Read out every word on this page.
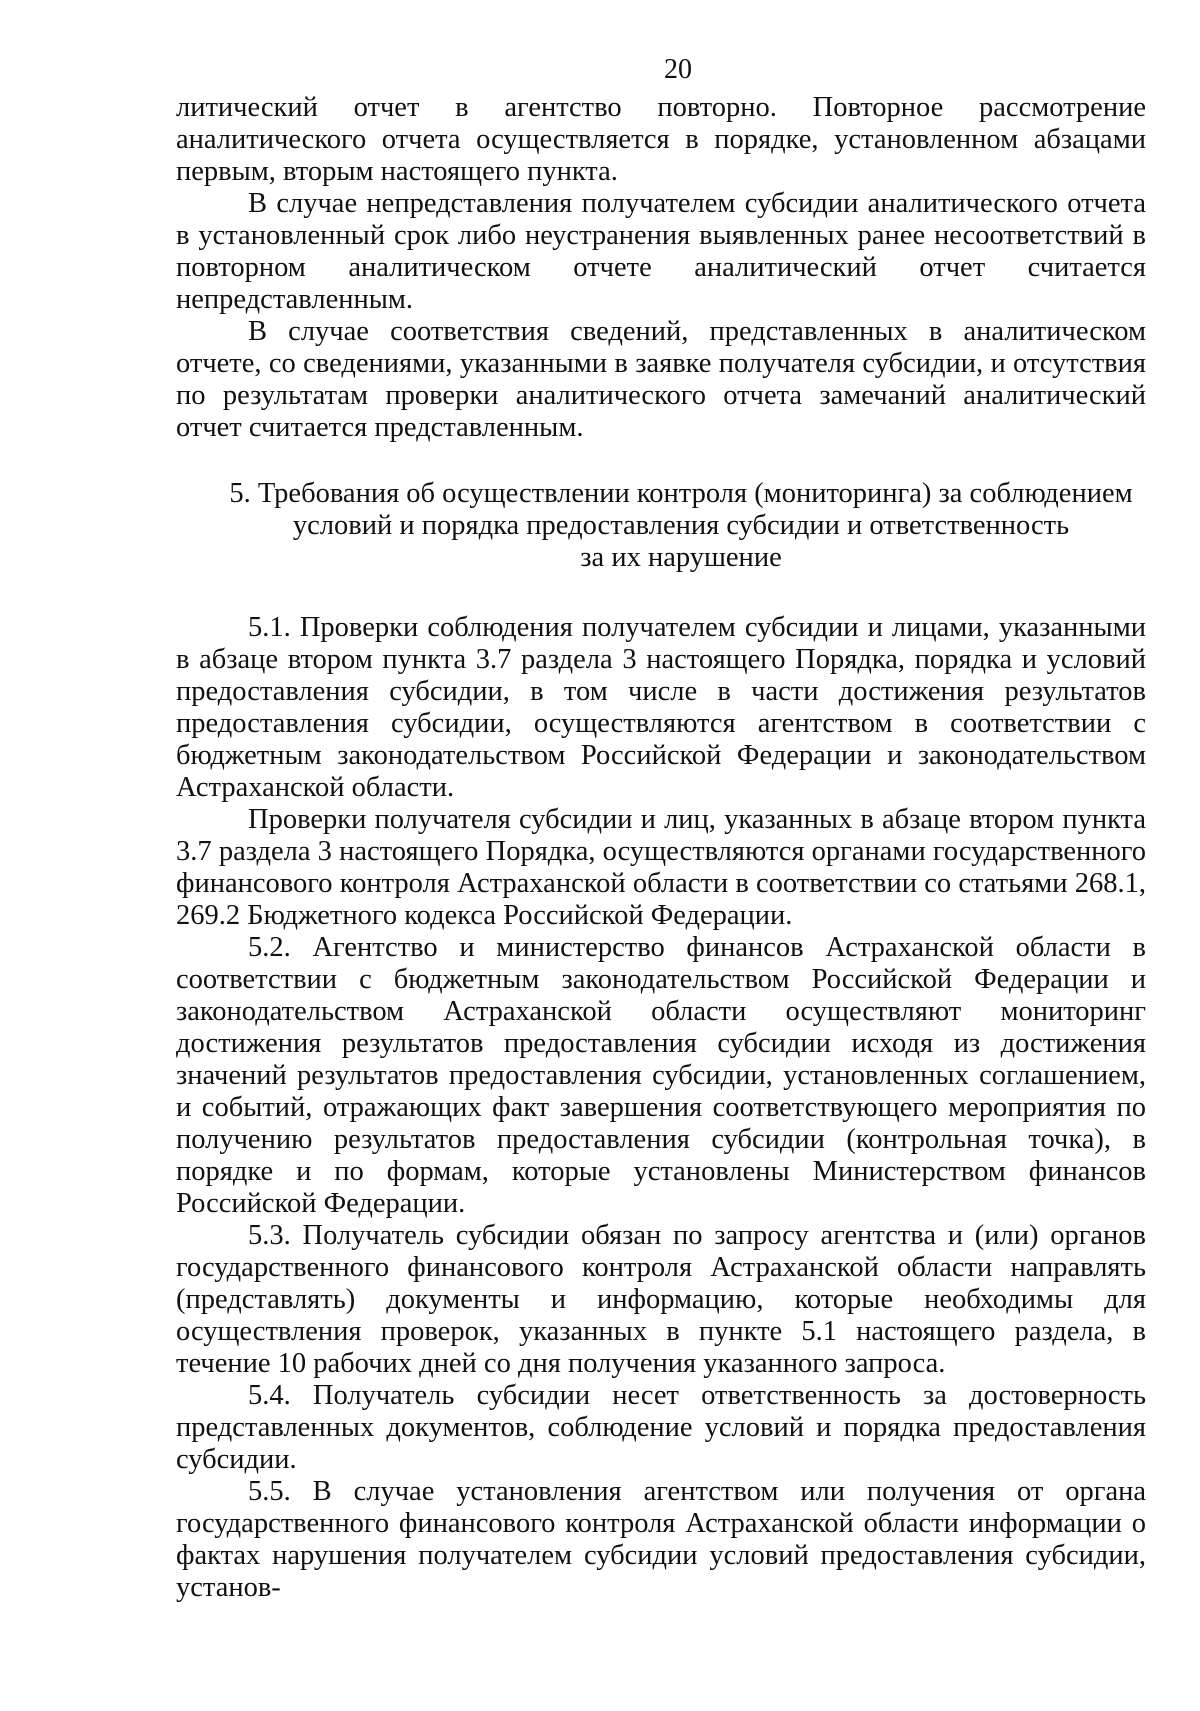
20

литический отчет в агентство повторно. Повторное рассмотрение аналитического отчета осуществляется в порядке, установленном абзацами первым, вторым настоящего пункта.

В случае непредставления получателем субсидии аналитического отчета в установленный срок либо неустранения выявленных ранее несоответствий в повторном аналитическом отчете аналитический отчет считается непредставленным.

В случае соответствия сведений, представленных в аналитическом отчете, со сведениями, указанными в заявке получателя субсидии, и отсутствия по результатам проверки аналитического отчета замечаний аналитический отчет считается представленным.

5. Требования об осуществлении контроля (мониторинга) за соблюдением
условий и порядка предоставления субсидии и ответственность
за их нарушение

5.1. Проверки соблюдения получателем субсидии и лицами, указанными в абзаце втором пункта 3.7 раздела 3 настоящего Порядка, порядка и условий предоставления субсидии, в том числе в части достижения результатов предоставления субсидии, осуществляются агентством в соответствии с бюджетным законодательством Российской Федерации и законодательством Астраханской области.

Проверки получателя субсидии и лиц, указанных в абзаце втором пункта 3.7 раздела 3 настоящего Порядка, осуществляются органами государственного финансового контроля Астраханской области в соответствии со статьями 268.1, 269.2 Бюджетного кодекса Российской Федерации.

5.2. Агентство и министерство финансов Астраханской области в соответствии с бюджетным законодательством Российской Федерации и законодательством Астраханской области осуществляют мониторинг достижения результатов предоставления субсидии исходя из достижения значений результатов предоставления субсидии, установленных соглашением, и событий, отражающих факт завершения соответствующего мероприятия по получению результатов предоставления субсидии (контрольная точка), в порядке и по формам, которые установлены Министерством финансов Российской Федерации.

5.3. Получатель субсидии обязан по запросу агентства и (или) органов государственного финансового контроля Астраханской области направлять (представлять) документы и информацию, которые необходимы для осуществления проверок, указанных в пункте 5.1 настоящего раздела, в течение 10 рабочих дней со дня получения указанного запроса.

5.4. Получатель субсидии несет ответственность за достоверность представленных документов, соблюдение условий и порядка предоставления субсидии.

5.5. В случае установления агентством или получения от органа государственного финансового контроля Астраханской области информации о фактах нарушения получателем субсидии условий предоставления субсидии, установ-
